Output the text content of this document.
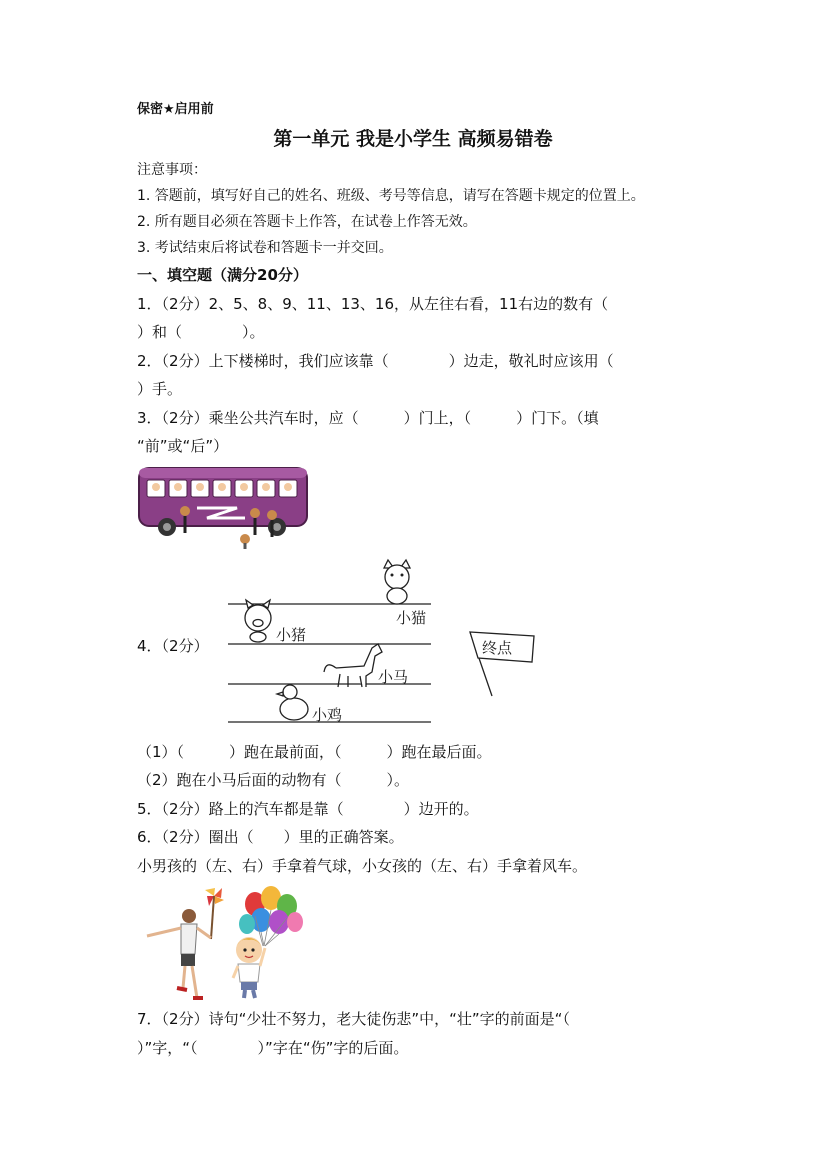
保密★启用前
第一单元 我是小学生 高频易错卷
注意事项：
1. 答题前，填写好自己的姓名、班级、考号等信息，请写在答题卡规定的位置上。
2. 所有题目必须在答题卡上作答，在试卷上作答无效。
3. 考试结束后将试卷和答题卡一并交回。
一、填空题（满分20分）
1．（2分）2、5、8、9、11、13、16，从左往右看，11右边的数有（
）和（　　　　）。
2．（2分）上下楼梯时，我们应该靠（　　　　）边走，敬礼时应该用（
）手。
3．（2分）乘坐公共汽车时，应（　　　）门上，（　　　）门下。（填
“前”或“后”）
4．（2分）
小猫
小猪
小马
小鸡
终点
（1）（　　　）跑在最前面，（　　　）跑在最后面。
（2）跑在小马后面的动物有（　　　）。
5．（2分）路上的汽车都是靠（　　　　）边开的。
6．（2分）圈出（　　）里的正确答案。
小男孩的（左、右）手拿着气球，小女孩的（左、右）手拿着风车。
7．（2分）诗句“少壮不努力，老大徒伤悲”中，“壮”字的前面是“（
）”字，“（　　　　）”字在“伤”字的后面。
